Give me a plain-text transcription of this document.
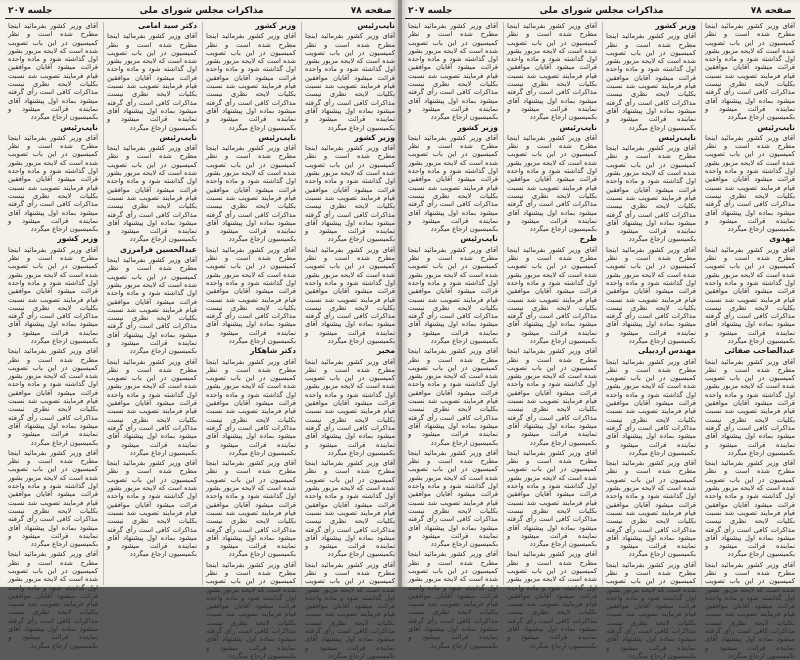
صفحه ۷۸
مذاکرات مجلس شورای ملی
جلسه ۲۰۷

نایب‌رئیس

آقای وزیر کشور بفرمائید اینجا مطرح شده است و نظر کمیسیون در این باب تصویب شده است که لایحه مزبور بشور اول گذاشته شود و ماده واحده قرائت میشود آقایان موافقین قیام فرمایند تصویب شد نسبت بکلیات لایحه نظری نیست مذاکرات کافی است رأی گرفته میشود بماده اول پیشنهاد آقای نماینده قرائت میشود و بکمیسیون ارجاع میگردد

وزیر کشور

آقای وزیر کشور بفرمائید اینجا مطرح شده است و نظر کمیسیون در این باب تصویب شده است که لایحه مزبور بشور اول گذاشته شود و ماده واحده قرائت میشود آقایان موافقین قیام فرمایند تصویب شد نسبت بکلیات لایحه نظری نیست مذاکرات کافی است رأی گرفته میشود بماده اول پیشنهاد آقای نماینده قرائت میشود و بکمیسیون ارجاع میگردد

آقای وزیر کشور بفرمائید اینجا مطرح شده است و نظر کمیسیون در این باب تصویب شده است که لایحه مزبور بشور اول گذاشته شود و ماده واحده قرائت میشود آقایان موافقین قیام فرمایند تصویب شد نسبت بکلیات لایحه نظری نیست مذاکرات کافی است رأی گرفته میشود بماده اول پیشنهاد آقای نماینده قرائت میشود و بکمیسیون ارجاع میگردد

مخبر

آقای وزیر کشور بفرمائید اینجا مطرح شده است و نظر کمیسیون در این باب تصویب شده است که لایحه مزبور بشور اول گذاشته شود و ماده واحده قرائت میشود آقایان موافقین قیام فرمایند تصویب شد نسبت بکلیات لایحه نظری نیست مذاکرات کافی است رأی گرفته میشود بماده اول پیشنهاد آقای نماینده قرائت میشود و بکمیسیون ارجاع میگردد

آقای وزیر کشور بفرمائید اینجا مطرح شده است و نظر کمیسیون در این باب تصویب شده است که لایحه مزبور بشور اول گذاشته شود و ماده واحده قرائت میشود آقایان موافقین قیام فرمایند تصویب شد نسبت بکلیات لایحه نظری نیست مذاکرات کافی است رأی گرفته میشود بماده اول پیشنهاد آقای نماینده قرائت میشود و بکمیسیون ارجاع میگردد

آقای وزیر کشور بفرمائید اینجا مطرح شده است و نظر کمیسیون در این باب تصویب شده است که لایحه مزبور بشور اول گذاشته شود و ماده واحده قرائت میشود آقایان موافقین قیام فرمایند تصویب شد نسبت بکلیات لایحه نظری نیست مذاکرات کافی است رأی گرفته میشود بماده اول پیشنهاد آقای نماینده قرائت میشود و بکمیسیون ارجاع میگردد

وزیر کشور

آقای وزیر کشور بفرمائید اینجا مطرح شده است و نظر کمیسیون در این باب تصویب شده است که لایحه مزبور بشور اول گذاشته شود و ماده واحده قرائت میشود آقایان موافقین قیام فرمایند تصویب شد نسبت بکلیات لایحه نظری نیست مذاکرات کافی است رأی گرفته میشود بماده اول پیشنهاد آقای نماینده قرائت میشود و بکمیسیون ارجاع میگردد

نایب‌رئیس

آقای وزیر کشور بفرمائید اینجا مطرح شده است و نظر کمیسیون در این باب تصویب شده است که لایحه مزبور بشور اول گذاشته شود و ماده واحده قرائت میشود آقایان موافقین قیام فرمایند تصویب شد نسبت بکلیات لایحه نظری نیست مذاکرات کافی است رأی گرفته میشود بماده اول پیشنهاد آقای نماینده قرائت میشود و بکمیسیون ارجاع میگردد

آقای وزیر کشور بفرمائید اینجا مطرح شده است و نظر کمیسیون در این باب تصویب شده است که لایحه مزبور بشور اول گذاشته شود و ماده واحده قرائت میشود آقایان موافقین قیام فرمایند تصویب شد نسبت بکلیات لایحه نظری نیست مذاکرات کافی است رأی گرفته میشود بماده اول پیشنهاد آقای نماینده قرائت میشود و بکمیسیون ارجاع میگردد

دکتر شاهکار

آقای وزیر کشور بفرمائید اینجا مطرح شده است و نظر کمیسیون در این باب تصویب شده است که لایحه مزبور بشور اول گذاشته شود و ماده واحده قرائت میشود آقایان موافقین قیام فرمایند تصویب شد نسبت بکلیات لایحه نظری نیست مذاکرات کافی است رأی گرفته میشود بماده اول پیشنهاد آقای نماینده قرائت میشود و بکمیسیون ارجاع میگردد

آقای وزیر کشور بفرمائید اینجا مطرح شده است و نظر کمیسیون در این باب تصویب شده است که لایحه مزبور بشور اول گذاشته شود و ماده واحده قرائت میشود آقایان موافقین قیام فرمایند تصویب شد نسبت بکلیات لایحه نظری نیست مذاکرات کافی است رأی گرفته میشود بماده اول پیشنهاد آقای نماینده قرائت میشود و بکمیسیون ارجاع میگردد

آقای وزیر کشور بفرمائید اینجا مطرح شده است و نظر کمیسیون در این باب تصویب شده است که لایحه مزبور بشور اول گذاشته شود و ماده واحده قرائت میشود آقایان موافقین قیام فرمایند تصویب شد نسبت بکلیات لایحه نظری نیست مذاکرات کافی است رأی گرفته میشود بماده اول پیشنهاد آقای نماینده قرائت میشود و بکمیسیون ارجاع میگردد

دکتر سید امامی

آقای وزیر کشور بفرمائید اینجا مطرح شده است و نظر کمیسیون در این باب تصویب شده است که لایحه مزبور بشور اول گذاشته شود و ماده واحده قرائت میشود آقایان موافقین قیام فرمایند تصویب شد نسبت بکلیات لایحه نظری نیست مذاکرات کافی است رأی گرفته میشود بماده اول پیشنهاد آقای نماینده قرائت میشود و بکمیسیون ارجاع میگردد

نایب‌رئیس

آقای وزیر کشور بفرمائید اینجا مطرح شده است و نظر کمیسیون در این باب تصویب شده است که لایحه مزبور بشور اول گذاشته شود و ماده واحده قرائت میشود آقایان موافقین قیام فرمایند تصویب شد نسبت بکلیات لایحه نظری نیست مذاکرات کافی است رأی گرفته میشود بماده اول پیشنهاد آقای نماینده قرائت میشود و بکمیسیون ارجاع میگردد

عبدالحسین فرامرزی

آقای وزیر کشور بفرمائید اینجا مطرح شده است و نظر کمیسیون در این باب تصویب شده است که لایحه مزبور بشور اول گذاشته شود و ماده واحده قرائت میشود آقایان موافقین قیام فرمایند تصویب شد نسبت بکلیات لایحه نظری نیست مذاکرات کافی است رأی گرفته میشود بماده اول پیشنهاد آقای نماینده قرائت میشود و بکمیسیون ارجاع میگردد

آقای وزیر کشور بفرمائید اینجا مطرح شده است و نظر کمیسیون در این باب تصویب شده است که لایحه مزبور بشور اول گذاشته شود و ماده واحده قرائت میشود آقایان موافقین قیام فرمایند تصویب شد نسبت بکلیات لایحه نظری نیست مذاکرات کافی است رأی گرفته میشود بماده اول پیشنهاد آقای نماینده قرائت میشود و بکمیسیون ارجاع میگردد

آقای وزیر کشور بفرمائید اینجا مطرح شده است و نظر کمیسیون در این باب تصویب شده است که لایحه مزبور بشور اول گذاشته شود و ماده واحده قرائت میشود آقایان موافقین قیام فرمایند تصویب شد نسبت بکلیات لایحه نظری نیست مذاکرات کافی است رأی گرفته میشود بماده اول پیشنهاد آقای نماینده قرائت میشود و بکمیسیون ارجاع میگردد

آقای وزیر کشور بفرمائید اینجا مطرح شده است و نظر کمیسیون در این باب تصویب شده است که لایحه مزبور بشور اول گذاشته شود و ماده واحده قرائت میشود آقایان موافقین قیام فرمایند تصویب شد نسبت بکلیات لایحه نظری نیست مذاکرات کافی است رأی گرفته میشود بماده اول پیشنهاد آقای نماینده قرائت میشود و بکمیسیون ارجاع میگردد

نایب‌رئیس

آقای وزیر کشور بفرمائید اینجا مطرح شده است و نظر کمیسیون در این باب تصویب شده است که لایحه مزبور بشور اول گذاشته شود و ماده واحده قرائت میشود آقایان موافقین قیام فرمایند تصویب شد نسبت بکلیات لایحه نظری نیست مذاکرات کافی است رأی گرفته میشود بماده اول پیشنهاد آقای نماینده قرائت میشود و بکمیسیون ارجاع میگردد

وزیر کشور

آقای وزیر کشور بفرمائید اینجا مطرح شده است و نظر کمیسیون در این باب تصویب شده است که لایحه مزبور بشور اول گذاشته شود و ماده واحده قرائت میشود آقایان موافقین قیام فرمایند تصویب شد نسبت بکلیات لایحه نظری نیست مذاکرات کافی است رأی گرفته میشود بماده اول پیشنهاد آقای نماینده قرائت میشود و بکمیسیون ارجاع میگردد

آقای وزیر کشور بفرمائید اینجا مطرح شده است و نظر کمیسیون در این باب تصویب شده است که لایحه مزبور بشور اول گذاشته شود و ماده واحده قرائت میشود آقایان موافقین قیام فرمایند تصویب شد نسبت بکلیات لایحه نظری نیست مذاکرات کافی است رأی گرفته میشود بماده اول پیشنهاد آقای نماینده قرائت میشود و بکمیسیون ارجاع میگردد

آقای وزیر کشور بفرمائید اینجا مطرح شده است و نظر کمیسیون در این باب تصویب شده است که لایحه مزبور بشور اول گذاشته شود و ماده واحده قرائت میشود آقایان موافقین قیام فرمایند تصویب شد نسبت بکلیات لایحه نظری نیست مذاکرات کافی است رأی گرفته میشود بماده اول پیشنهاد آقای نماینده قرائت میشود و بکمیسیون ارجاع میگردد

آقای وزیر کشور بفرمائید اینجا مطرح شده است و نظر کمیسیون در این باب تصویب شده است که لایحه مزبور بشور اول گذاشته شود و ماده واحده قرائت میشود آقایان موافقین قیام فرمایند تصویب شد نسبت بکلیات لایحه نظری نیست مذاکرات کافی است رأی گرفته میشود بماده اول پیشنهاد آقای نماینده قرائت میشود و بکمیسیون ارجاع میگردد

صفحه ۷۸
مذاکرات مجلس شورای ملی
جلسه ۲۰۷

آقای وزیر کشور بفرمائید اینجا مطرح شده است و نظر کمیسیون در این باب تصویب شده است که لایحه مزبور بشور اول گذاشته شود و ماده واحده قرائت میشود آقایان موافقین قیام فرمایند تصویب شد نسبت بکلیات لایحه نظری نیست مذاکرات کافی است رأی گرفته میشود بماده اول پیشنهاد آقای نماینده قرائت میشود و بکمیسیون ارجاع میگردد

نایب‌رئیس

آقای وزیر کشور بفرمائید اینجا مطرح شده است و نظر کمیسیون در این باب تصویب شده است که لایحه مزبور بشور اول گذاشته شود و ماده واحده قرائت میشود آقایان موافقین قیام فرمایند تصویب شد نسبت بکلیات لایحه نظری نیست مذاکرات کافی است رأی گرفته میشود بماده اول پیشنهاد آقای نماینده قرائت میشود و بکمیسیون ارجاع میگردد

مهدوی

آقای وزیر کشور بفرمائید اینجا مطرح شده است و نظر کمیسیون در این باب تصویب شده است که لایحه مزبور بشور اول گذاشته شود و ماده واحده قرائت میشود آقایان موافقین قیام فرمایند تصویب شد نسبت بکلیات لایحه نظری نیست مذاکرات کافی است رأی گرفته میشود بماده اول پیشنهاد آقای نماینده قرائت میشود و بکمیسیون ارجاع میگردد

عبدالصاحب صفائی

آقای وزیر کشور بفرمائید اینجا مطرح شده است و نظر کمیسیون در این باب تصویب شده است که لایحه مزبور بشور اول گذاشته شود و ماده واحده قرائت میشود آقایان موافقین قیام فرمایند تصویب شد نسبت بکلیات لایحه نظری نیست مذاکرات کافی است رأی گرفته میشود بماده اول پیشنهاد آقای نماینده قرائت میشود و بکمیسیون ارجاع میگردد

آقای وزیر کشور بفرمائید اینجا مطرح شده است و نظر کمیسیون در این باب تصویب شده است که لایحه مزبور بشور اول گذاشته شود و ماده واحده قرائت میشود آقایان موافقین قیام فرمایند تصویب شد نسبت بکلیات لایحه نظری نیست مذاکرات کافی است رأی گرفته میشود بماده اول پیشنهاد آقای نماینده قرائت میشود و بکمیسیون ارجاع میگردد

آقای وزیر کشور بفرمائید اینجا مطرح شده است و نظر کمیسیون در این باب تصویب شده است که لایحه مزبور بشور اول گذاشته شود و ماده واحده قرائت میشود آقایان موافقین قیام فرمایند تصویب شد نسبت بکلیات لایحه نظری نیست مذاکرات کافی است رأی گرفته میشود بماده اول پیشنهاد آقای نماینده قرائت میشود و بکمیسیون ارجاع میگردد

وزیر کشور

آقای وزیر کشور بفرمائید اینجا مطرح شده است و نظر کمیسیون در این باب تصویب شده است که لایحه مزبور بشور اول گذاشته شود و ماده واحده قرائت میشود آقایان موافقین قیام فرمایند تصویب شد نسبت بکلیات لایحه نظری نیست مذاکرات کافی است رأی گرفته میشود بماده اول پیشنهاد آقای نماینده قرائت میشود و بکمیسیون ارجاع میگردد

نایب‌رئیس

آقای وزیر کشور بفرمائید اینجا مطرح شده است و نظر کمیسیون در این باب تصویب شده است که لایحه مزبور بشور اول گذاشته شود و ماده واحده قرائت میشود آقایان موافقین قیام فرمایند تصویب شد نسبت بکلیات لایحه نظری نیست مذاکرات کافی است رأی گرفته میشود بماده اول پیشنهاد آقای نماینده قرائت میشود و بکمیسیون ارجاع میگردد

آقای وزیر کشور بفرمائید اینجا مطرح شده است و نظر کمیسیون در این باب تصویب شده است که لایحه مزبور بشور اول گذاشته شود و ماده واحده قرائت میشود آقایان موافقین قیام فرمایند تصویب شد نسبت بکلیات لایحه نظری نیست مذاکرات کافی است رأی گرفته میشود بماده اول پیشنهاد آقای نماینده قرائت میشود و بکمیسیون ارجاع میگردد

مهندس اردبیلی

آقای وزیر کشور بفرمائید اینجا مطرح شده است و نظر کمیسیون در این باب تصویب شده است که لایحه مزبور بشور اول گذاشته شود و ماده واحده قرائت میشود آقایان موافقین قیام فرمایند تصویب شد نسبت بکلیات لایحه نظری نیست مذاکرات کافی است رأی گرفته میشود بماده اول پیشنهاد آقای نماینده قرائت میشود و بکمیسیون ارجاع میگردد

آقای وزیر کشور بفرمائید اینجا مطرح شده است و نظر کمیسیون در این باب تصویب شده است که لایحه مزبور بشور اول گذاشته شود و ماده واحده قرائت میشود آقایان موافقین قیام فرمایند تصویب شد نسبت بکلیات لایحه نظری نیست مذاکرات کافی است رأی گرفته میشود بماده اول پیشنهاد آقای نماینده قرائت میشود و بکمیسیون ارجاع میگردد

آقای وزیر کشور بفرمائید اینجا مطرح شده است و نظر کمیسیون در این باب تصویب شده است که لایحه مزبور بشور اول گذاشته شود و ماده واحده قرائت میشود آقایان موافقین قیام فرمایند تصویب شد نسبت بکلیات لایحه نظری نیست مذاکرات کافی است رأی گرفته میشود بماده اول پیشنهاد آقای نماینده قرائت میشود و بکمیسیون ارجاع میگردد

آقای وزیر کشور بفرمائید اینجا مطرح شده است و نظر کمیسیون در این باب تصویب شده است که لایحه مزبور بشور اول گذاشته شود و ماده واحده قرائت میشود آقایان موافقین قیام فرمایند تصویب شد نسبت بکلیات لایحه نظری نیست مذاکرات کافی است رأی گرفته میشود بماده اول پیشنهاد آقای نماینده قرائت میشود و بکمیسیون ارجاع میگردد

نایب‌رئیس

آقای وزیر کشور بفرمائید اینجا مطرح شده است و نظر کمیسیون در این باب تصویب شده است که لایحه مزبور بشور اول گذاشته شود و ماده واحده قرائت میشود آقایان موافقین قیام فرمایند تصویب شد نسبت بکلیات لایحه نظری نیست مذاکرات کافی است رأی گرفته میشود بماده اول پیشنهاد آقای نماینده قرائت میشود و بکمیسیون ارجاع میگردد

طرح

آقای وزیر کشور بفرمائید اینجا مطرح شده است و نظر کمیسیون در این باب تصویب شده است که لایحه مزبور بشور اول گذاشته شود و ماده واحده قرائت میشود آقایان موافقین قیام فرمایند تصویب شد نسبت بکلیات لایحه نظری نیست مذاکرات کافی است رأی گرفته میشود بماده اول پیشنهاد آقای نماینده قرائت میشود و بکمیسیون ارجاع میگردد

آقای وزیر کشور بفرمائید اینجا مطرح شده است و نظر کمیسیون در این باب تصویب شده است که لایحه مزبور بشور اول گذاشته شود و ماده واحده قرائت میشود آقایان موافقین قیام فرمایند تصویب شد نسبت بکلیات لایحه نظری نیست مذاکرات کافی است رأی گرفته میشود بماده اول پیشنهاد آقای نماینده قرائت میشود و بکمیسیون ارجاع میگردد

آقای وزیر کشور بفرمائید اینجا مطرح شده است و نظر کمیسیون در این باب تصویب شده است که لایحه مزبور بشور اول گذاشته شود و ماده واحده قرائت میشود آقایان موافقین قیام فرمایند تصویب شد نسبت بکلیات لایحه نظری نیست مذاکرات کافی است رأی گرفته میشود بماده اول پیشنهاد آقای نماینده قرائت میشود و بکمیسیون ارجاع میگردد

آقای وزیر کشور بفرمائید اینجا مطرح شده است و نظر کمیسیون در این باب تصویب شده است که لایحه مزبور بشور اول گذاشته شود و ماده واحده قرائت میشود آقایان موافقین قیام فرمایند تصویب شد نسبت بکلیات لایحه نظری نیست مذاکرات کافی است رأی گرفته میشود بماده اول پیشنهاد آقای نماینده قرائت میشود و بکمیسیون ارجاع میگردد

آقای وزیر کشور بفرمائید اینجا مطرح شده است و نظر کمیسیون در این باب تصویب شده است که لایحه مزبور بشور اول گذاشته شود و ماده واحده قرائت میشود آقایان موافقین قیام فرمایند تصویب شد نسبت بکلیات لایحه نظری نیست مذاکرات کافی است رأی گرفته میشود بماده اول پیشنهاد آقای نماینده قرائت میشود و بکمیسیون ارجاع میگردد

وزیر کشور

آقای وزیر کشور بفرمائید اینجا مطرح شده است و نظر کمیسیون در این باب تصویب شده است که لایحه مزبور بشور اول گذاشته شود و ماده واحده قرائت میشود آقایان موافقین قیام فرمایند تصویب شد نسبت بکلیات لایحه نظری نیست مذاکرات کافی است رأی گرفته میشود بماده اول پیشنهاد آقای نماینده قرائت میشود و بکمیسیون ارجاع میگردد

نایب‌رئیس

آقای وزیر کشور بفرمائید اینجا مطرح شده است و نظر کمیسیون در این باب تصویب شده است که لایحه مزبور بشور اول گذاشته شود و ماده واحده قرائت میشود آقایان موافقین قیام فرمایند تصویب شد نسبت بکلیات لایحه نظری نیست مذاکرات کافی است رأی گرفته میشود بماده اول پیشنهاد آقای نماینده قرائت میشود و بکمیسیون ارجاع میگردد

آقای وزیر کشور بفرمائید اینجا مطرح شده است و نظر کمیسیون در این باب تصویب شده است که لایحه مزبور بشور اول گذاشته شود و ماده واحده قرائت میشود آقایان موافقین قیام فرمایند تصویب شد نسبت بکلیات لایحه نظری نیست مذاکرات کافی است رأی گرفته میشود بماده اول پیشنهاد آقای نماینده قرائت میشود و بکمیسیون ارجاع میگردد

آقای وزیر کشور بفرمائید اینجا مطرح شده است و نظر کمیسیون در این باب تصویب شده است که لایحه مزبور بشور اول گذاشته شود و ماده واحده قرائت میشود آقایان موافقین قیام فرمایند تصویب شد نسبت بکلیات لایحه نظری نیست مذاکرات کافی است رأی گرفته میشود بماده اول پیشنهاد آقای نماینده قرائت میشود و بکمیسیون ارجاع میگردد

آقای وزیر کشور بفرمائید اینجا مطرح شده است و نظر کمیسیون در این باب تصویب شده است که لایحه مزبور بشور اول گذاشته شود و ماده واحده قرائت میشود آقایان موافقین قیام فرمایند تصویب شد نسبت بکلیات لایحه نظری نیست مذاکرات کافی است رأی گرفته میشود بماده اول پیشنهاد آقای نماینده قرائت میشود و بکمیسیون ارجاع میگردد
